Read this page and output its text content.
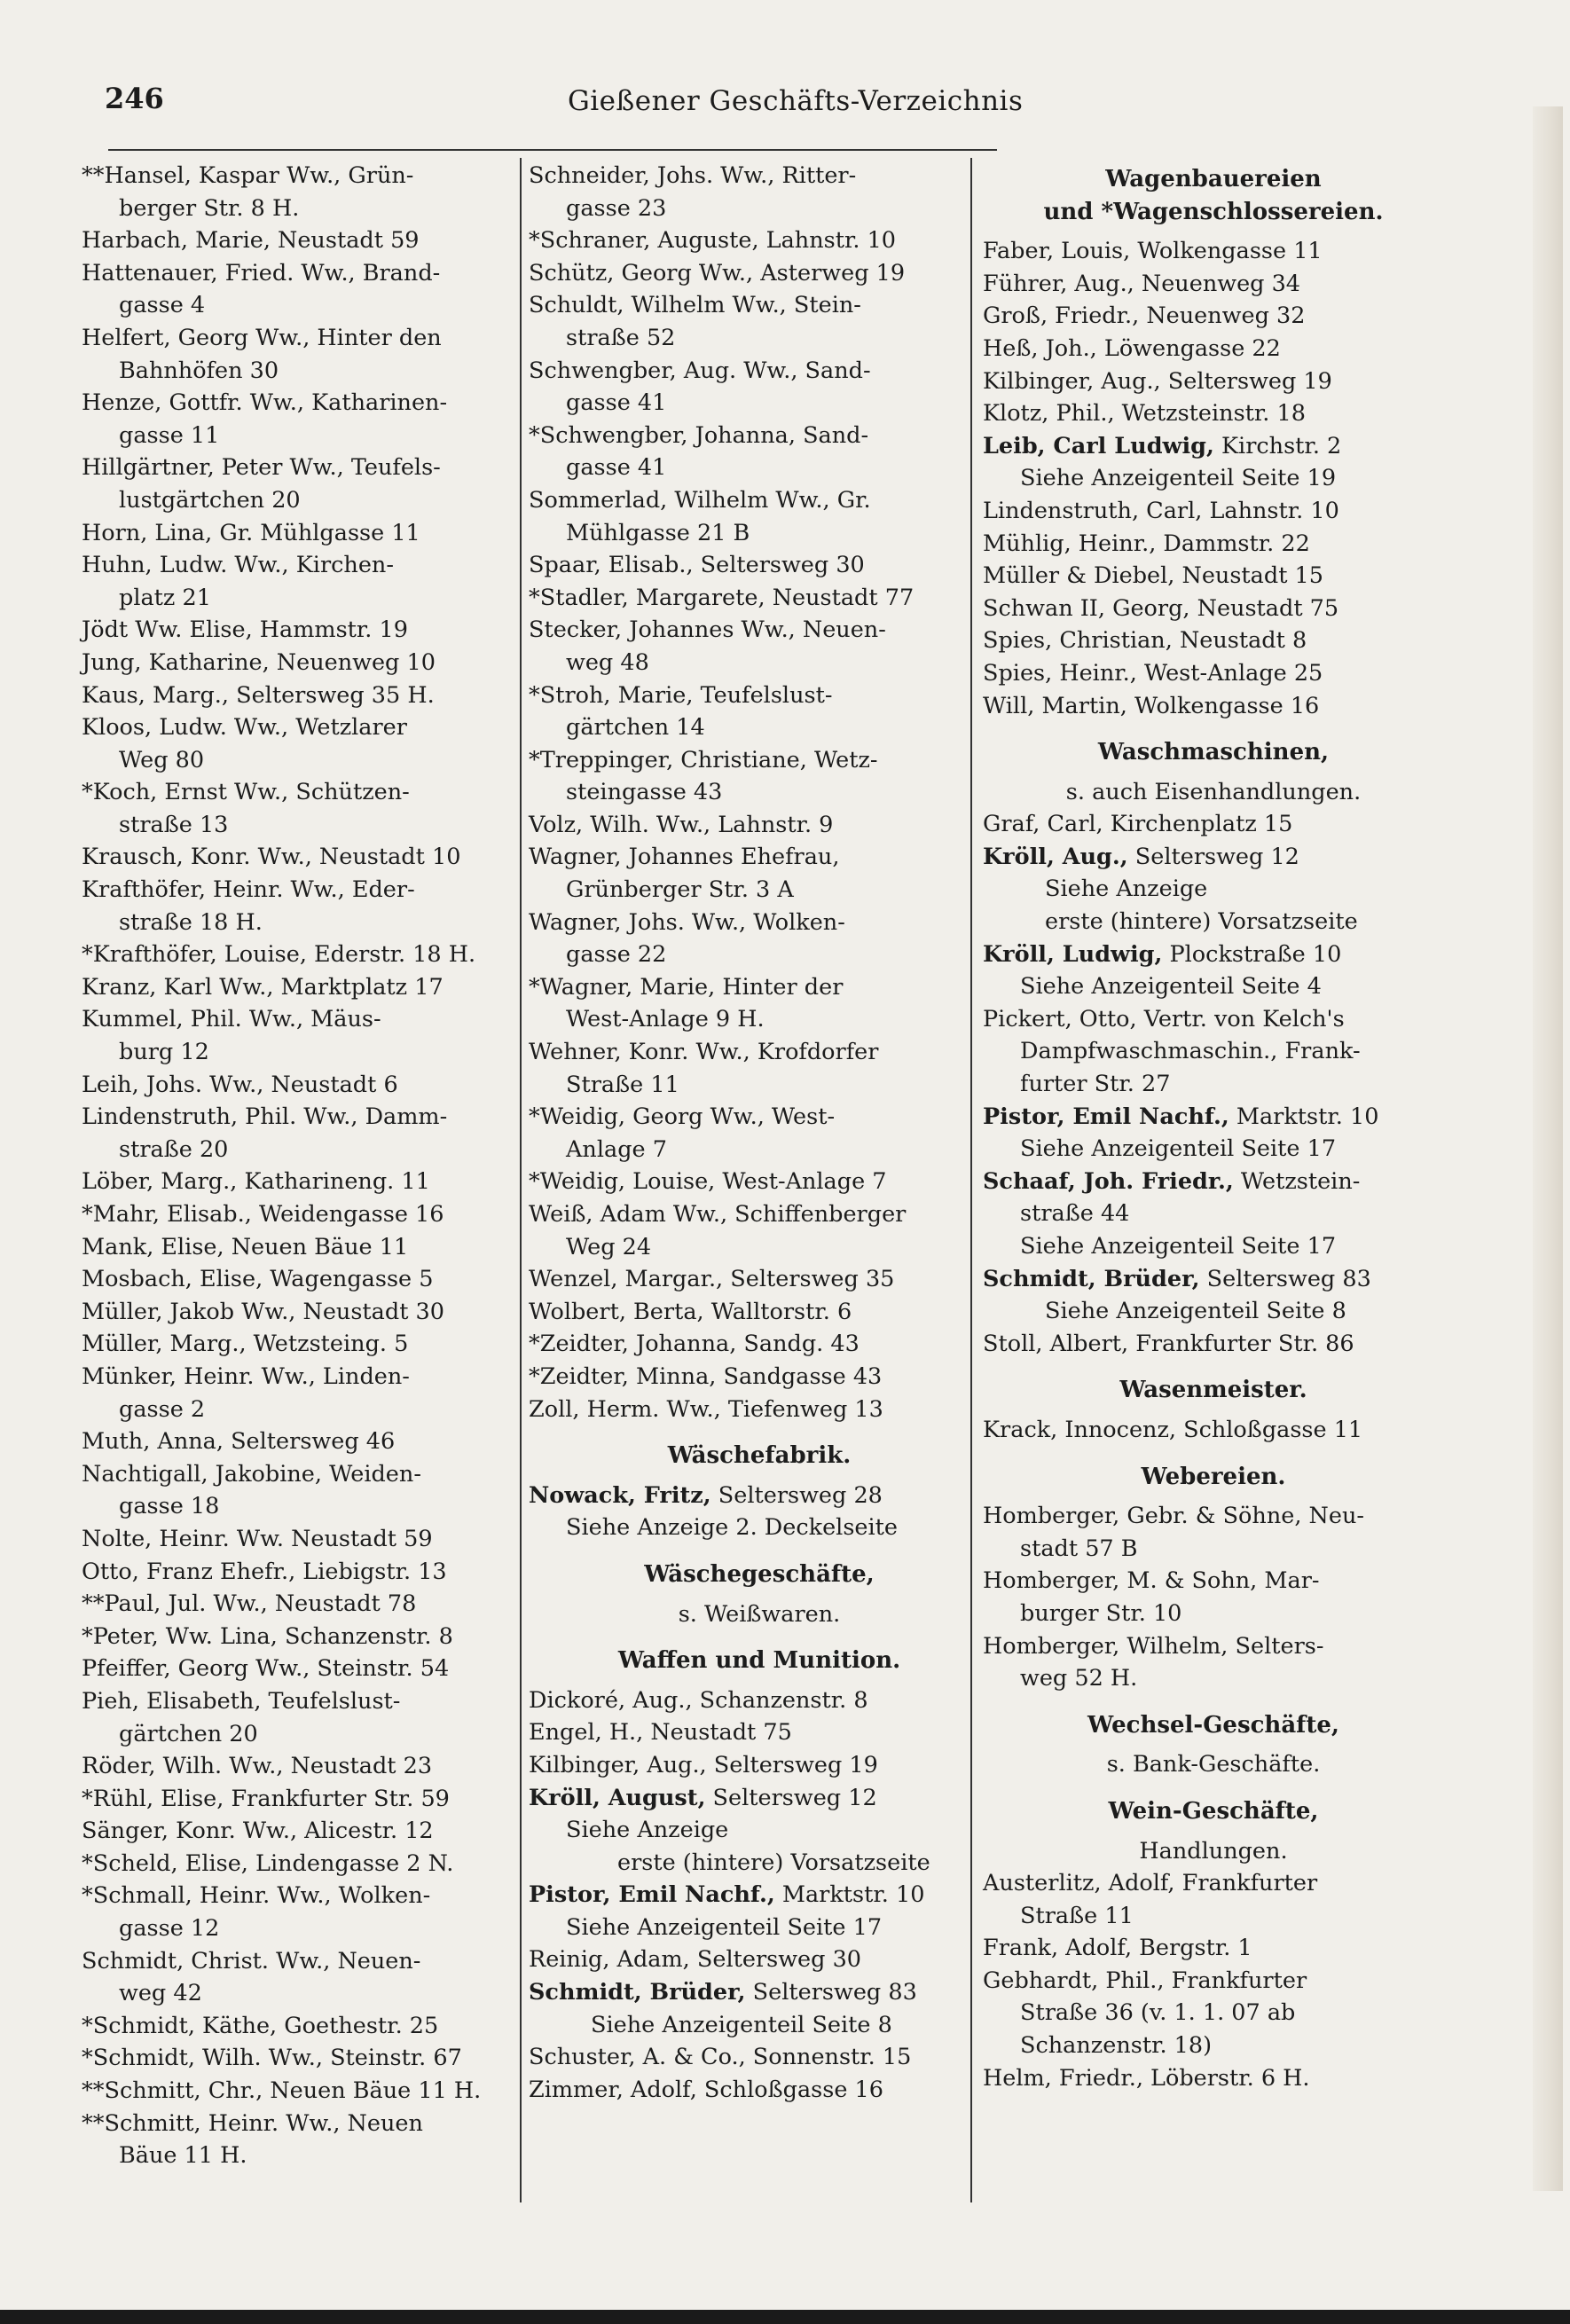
246	Gießener Geschäfts-Verzeichnis
**Hansel, Kaspar Ww., Grün-
berger Str. 8 H.
Harbach, Marie, Neustadt 59
Hattenauer, Fried. Ww., Brand-
gasse 4
Helfert, Georg Ww., Hinter den
Bahnhöfen 30
Henze, Gottfr. Ww., Katharinen-
gasse 11
Hillgärtner, Peter Ww., Teufels-
lustgärtchen 20
Horn, Lina, Gr. Mühlgasse 11
Huhn, Ludw. Ww., Kirchen-
platz 21
Jödt Ww. Elise, Hammstr. 19
Jung, Katharine, Neuenweg 10
Kaus, Marg., Seltersweg 35 H.
Kloos, Ludw. Ww., Wetzlarer
Weg 80
*Koch, Ernst Ww., Schützen-
straße 13
Krausch, Konr. Ww., Neustadt 10
Krafthöfer, Heinr. Ww., Eder-
straße 18 H.
*Krafthöfer, Louise, Ederstr. 18 H.
Kranz, Karl Ww., Marktplatz 17
Kummel, Phil. Ww., Mäus-
burg 12
Leih, Johs. Ww., Neustadt 6
Lindenstruth, Phil. Ww., Damm-
straße 20
Löber, Marg., Katharineng. 11
*Mahr, Elisab., Weidengasse 16
Mank, Elise, Neuen Bäue 11
Mosbach, Elise, Wagengasse 5
Müller, Jakob Ww., Neustadt 30
Müller, Marg., Wetzsteing. 5
Münker, Heinr. Ww., Linden-
gasse 2
Muth, Anna, Seltersweg 46
Nachtigall, Jakobine, Weiden-
gasse 18
Nolte, Heinr. Ww. Neustadt 59
Otto, Franz Ehefr., Liebigstr. 13
**Paul, Jul. Ww., Neustadt 78
*Peter, Ww. Lina, Schanzenstr. 8
Pfeiffer, Georg Ww., Steinstr. 54
Pieh, Elisabeth, Teufelslust-
gärtchen 20
Röder, Wilh. Ww., Neustadt 23
*Rühl, Elise, Frankfurter Str. 59
Sänger, Konr. Ww., Alicestr. 12
*Scheld, Elise, Lindengasse 2 N.
*Schmall, Heinr. Ww., Wolken-
gasse 12
Schmidt, Christ. Ww., Neuen-
weg 42
*Schmidt, Käthe, Goethestr. 25
*Schmidt, Wilh. Ww., Steinstr. 67
**Schmitt, Chr., Neuen Bäue 11 H.
**Schmitt, Heinr. Ww., Neuen
Bäue 11 H.
Schneider, Johs. Ww., Ritter-
gasse 23
*Schraner, Auguste, Lahnstr. 10
Schütz, Georg Ww., Asterweg 19
Schuldt, Wilhelm Ww., Stein-
straße 52
Schwengber, Aug. Ww., Sand-
gasse 41
*Schwengber, Johanna, Sand-
gasse 41
Sommerlad, Wilhelm Ww., Gr.
Mühlgasse 21 B
Spaar, Elisab., Seltersweg 30
*Stadler, Margarete, Neustadt 77
Stecker, Johannes Ww., Neuen-
weg 48
*Stroh, Marie, Teufelslust-
gärtchen 14
*Treppinger, Christiane, Wetz-
steingasse 43
Volz, Wilh. Ww., Lahnstr. 9
Wagner, Johannes Ehefrau,
Grünberger Str. 3 A
Wagner, Johs. Ww., Wolken-
gasse 22
*Wagner, Marie, Hinter der
West-Anlage 9 H.
Wehner, Konr. Ww., Krofdorfer
Straße 11
*Weidig, Georg Ww., West-
Anlage 7
*Weidig, Louise, West-Anlage 7
Weiß, Adam Ww., Schiffenberger
Weg 24
Wenzel, Margar., Seltersweg 35
Wolbert, Berta, Walltorstr. 6
*Zeidter, Johanna, Sandg. 43
*Zeidter, Minna, Sandgasse 43
Zoll, Herm. Ww., Tiefenweg 13
Wäschefabrik.
Nowack, Fritz, Seltersweg 28
Siehe Anzeige 2. Deckelseite
Wäschegeschäfte,
s. Weißwaren.
Waffen und Munition.
Dickoré, Aug., Schanzenstr. 8
Engel, H., Neustadt 75
Kilbinger, Aug., Seltersweg 19
Kröll, August, Seltersweg 12
Siehe Anzeige
erste (hintere) Vorsatzseite
Pistor, Emil Nachf., Marktstr. 10
Siehe Anzeigenteil Seite 17
Reinig, Adam, Seltersweg 30
Schmidt, Brüder, Seltersweg 83
Siehe Anzeigenteil Seite 8
Schuster, A. & Co., Sonnenstr. 15
Zimmer, Adolf, Schloßgasse 16
Wagenbauereien
und *Wagenschlossereien.
Faber, Louis, Wolkengasse 11
Führer, Aug., Neuenweg 34
Groß, Friedr., Neuenweg 32
Heß, Joh., Löwengasse 22
Kilbinger, Aug., Seltersweg 19
Klotz, Phil., Wetzsteinstr. 18
Leib, Carl Ludwig, Kirchstr. 2
Siehe Anzeigenteil Seite 19
Lindenstruth, Carl, Lahnstr. 10
Mühlig, Heinr., Dammstr. 22
Müller & Diebel, Neustadt 15
Schwan II, Georg, Neustadt 75
Spies, Christian, Neustadt 8
Spies, Heinr., West-Anlage 25
Will, Martin, Wolkengasse 16
Waschmaschinen,
s. auch Eisenhandlungen.
Graf, Carl, Kirchenplatz 15
Kröll, Aug., Seltersweg 12
Siehe Anzeige
erste (hintere) Vorsatzseite
Kröll, Ludwig, Plockstraße 10
Siehe Anzeigenteil Seite 4
Pickert, Otto, Vertr. von Kelch's
Dampfwaschmaschin., Frank-
furter Str. 27
Pistor, Emil Nachf., Marktstr. 10
Siehe Anzeigenteil Seite 17
Schaaf, Joh. Friedr., Wetzstein-
straße 44
Siehe Anzeigenteil Seite 17
Schmidt, Brüder, Seltersweg 83
Siehe Anzeigenteil Seite 8
Stoll, Albert, Frankfurter Str. 86
Wasenmeister.
Krack, Innocenz, Schloßgasse 11
Webereien.
Homberger, Gebr. & Söhne, Neu-
stadt 57 B
Homberger, M. & Sohn, Mar-
burger Str. 10
Homberger, Wilhelm, Selters-
weg 52 H.
Wechsel-Geschäfte,
s. Bank-Geschäfte.
Wein-Geschäfte,
Handlungen.
Austerlitz, Adolf, Frankfurter
Straße 11
Frank, Adolf, Bergstr. 1
Gebhardt, Phil., Frankfurter
Straße 36 (v. 1. 1. 07 ab
Schanzenstr. 18)
Helm, Friedr., Löberstr. 6 H.
